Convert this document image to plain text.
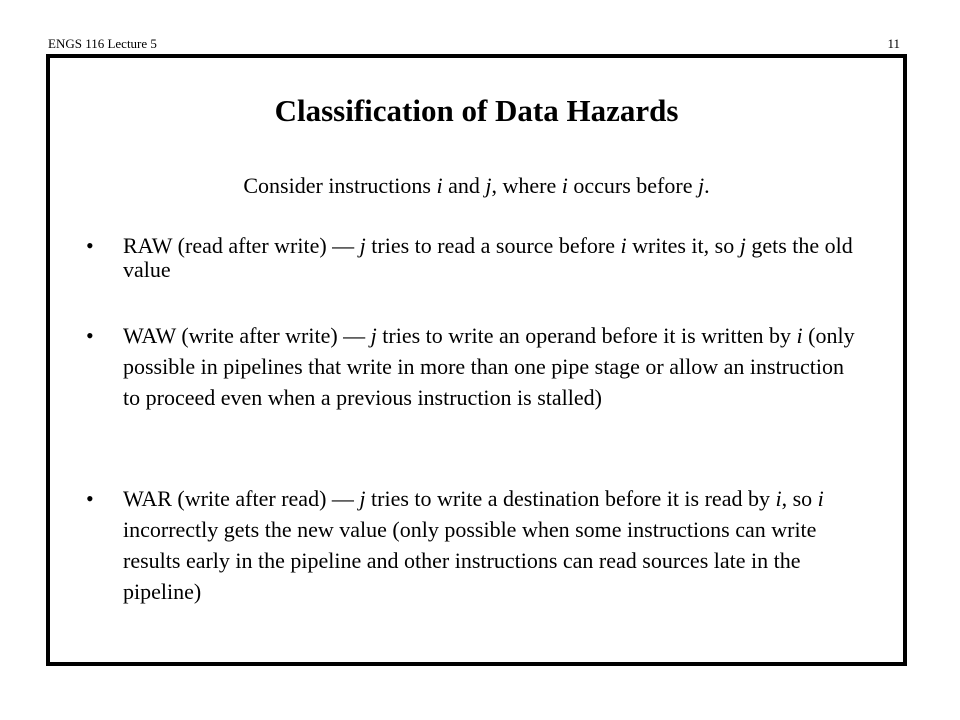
ENGS 116 Lecture 5	11
Classification of Data Hazards
Consider instructions i and j, where i occurs before j.
• RAW (read after write) — j tries to read a source before i writes it, so j gets the old value
• WAW (write after write) — j tries to write an operand before it is written by i (only possible in pipelines that write in more than one pipe stage or allow an instruction to proceed even when a previous instruction is stalled)
• WAR (write after read) — j tries to write a destination before it is read by i, so i incorrectly gets the new value (only possible when some instructions can write results early in the pipeline and other instructions can read sources late in the pipeline)
